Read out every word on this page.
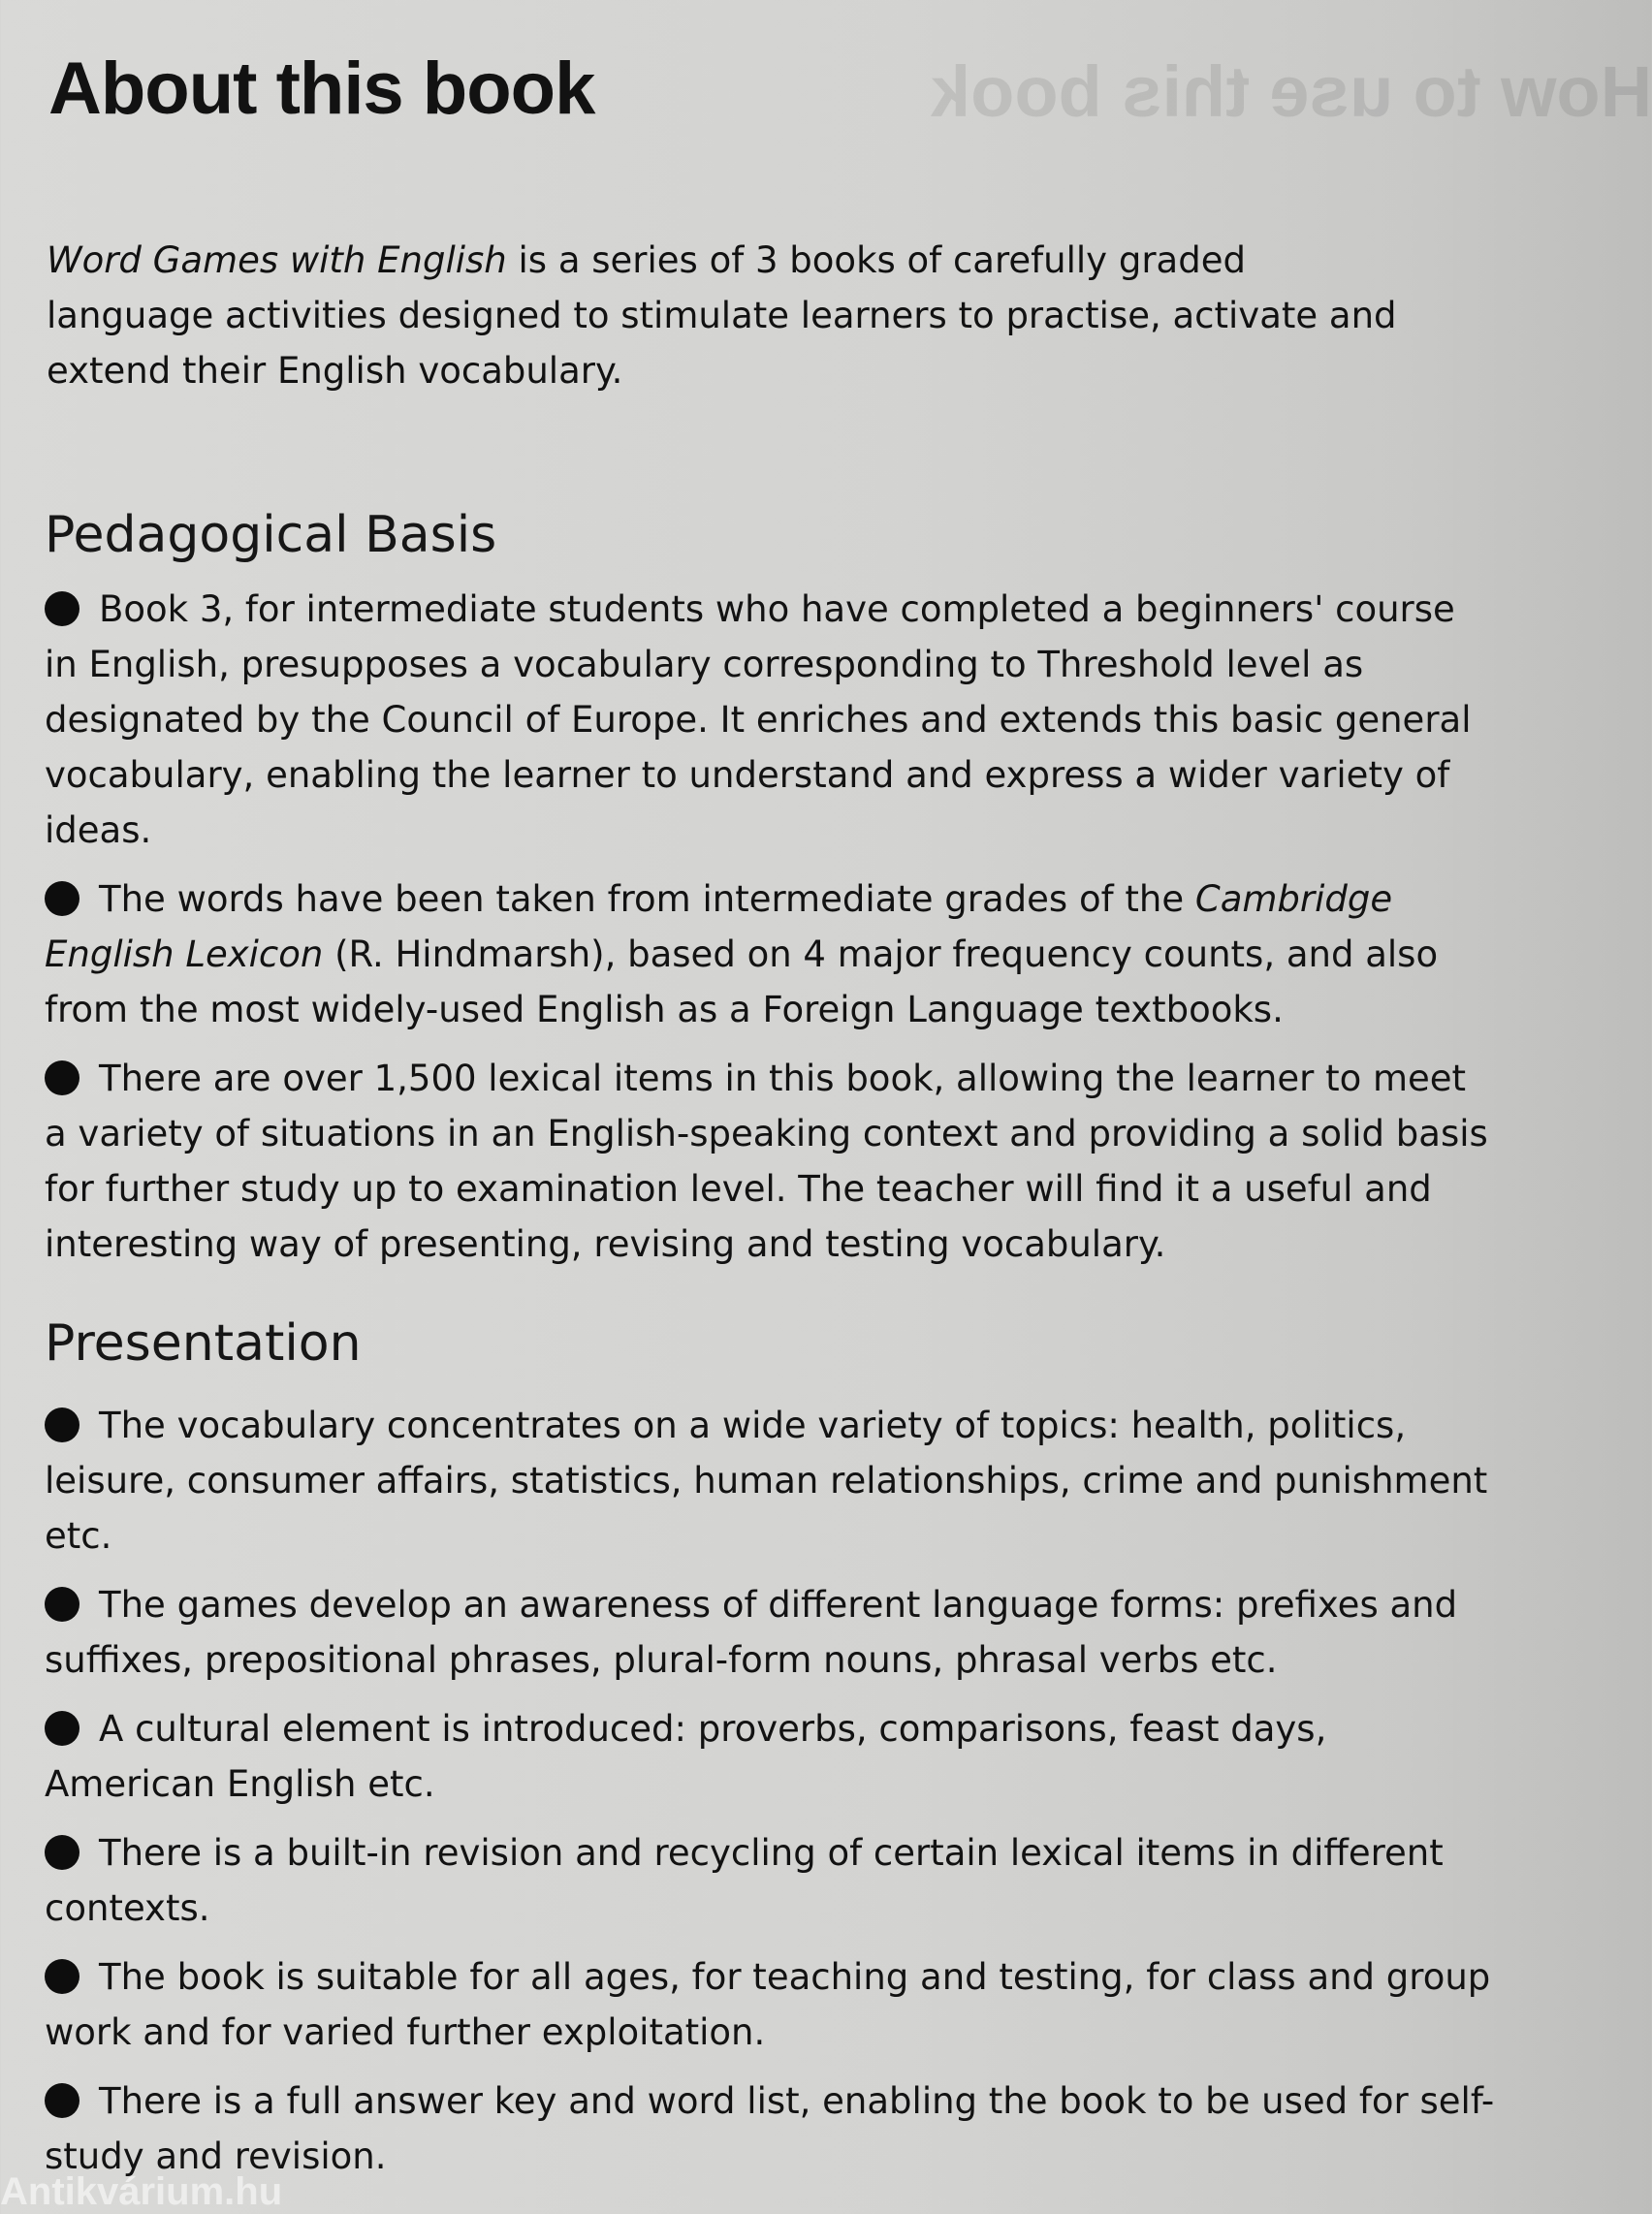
How to use this book
About this book

Word Games with English is a series of 3 books of carefully graded language activities designed to stimulate learners to practise, activate and extend their English vocabulary.

Pedagogical Basis
Book 3, for intermediate students who have completed a beginners' course in English, presupposes a vocabulary corresponding to Threshold level as designated by the Council of Europe. It enriches and extends this basic general vocabulary, enabling the learner to understand and express a wider variety of ideas.
The words have been taken from intermediate grades of the Cambridge English Lexicon (R. Hindmarsh), based on 4 major frequency counts, and also from the most widely-used English as a Foreign Language textbooks.
There are over 1,500 lexical items in this book, allowing the learner to meet a variety of situations in an English-speaking context and providing a solid basis for further study up to examination level. The teacher will find it a useful and interesting way of presenting, revising and testing vocabulary.
Presentation
The vocabulary concentrates on a wide variety of topics: health, politics, leisure, consumer affairs, statistics, human relationships, crime and punishment etc.
The games develop an awareness of different language forms: prefixes and suffixes, prepositional phrases, plural-form nouns, phrasal verbs etc.
A cultural element is introduced: proverbs, comparisons, feast days, American English etc.
There is a built-in revision and recycling of certain lexical items in different contexts.
The book is suitable for all ages, for teaching and testing, for class and group work and for varied further exploitation.
There is a full answer key and word list, enabling the book to be used for self-study and revision.
Antikvárium.hu
